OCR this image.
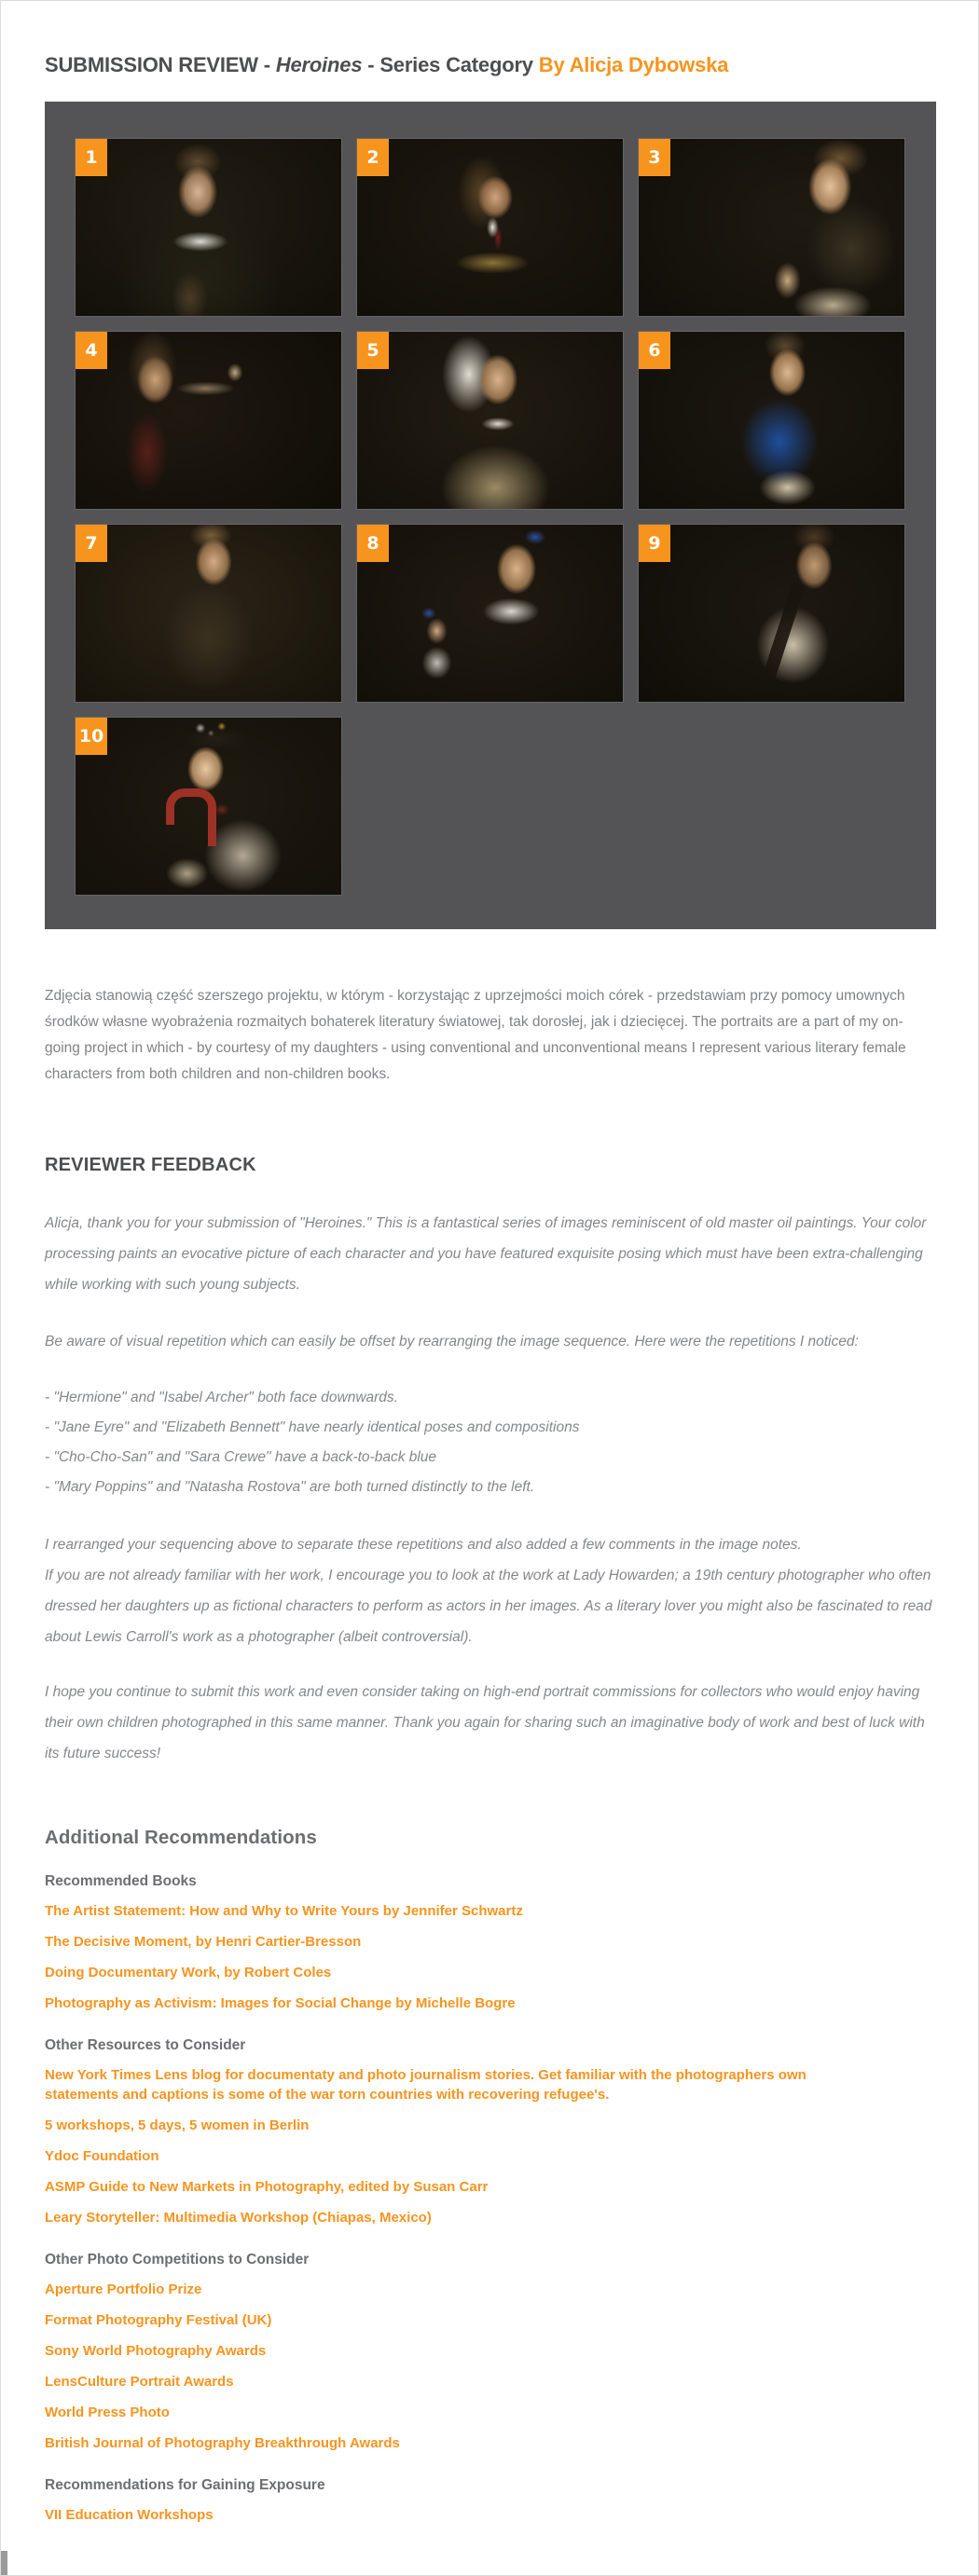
SUBMISSION REVIEW - Heroines - Series Category By Alicja Dybowska
1	2	3
4	5	6
7	8	9
10

Zdjęcia stanowią część szerszego projektu, w którym - korzystając z uprzejmości moich córek - przedstawiam przy pomocy umownych środków własne wyobrażenia rozmaitych bohaterek literatury światowej, tak dorosłej, jak i dziecięcej. The portraits are a part of my on-going project in which - by courtesy of my daughters - using conventional and unconventional means I represent various literary female characters from both children and non-children books.

REVIEWER FEEDBACK

Alicja, thank you for your submission of "Heroines." This is a fantastical series of images reminiscent of old master oil paintings. Your color processing paints an evocative picture of each character and you have featured exquisite posing which must have been extra-challenging while working with such young subjects.

Be aware of visual repetition which can easily be offset by rearranging the image sequence. Here were the repetitions I noticed:

- "Hermione" and "Isabel Archer" both face downwards.

- "Jane Eyre" and "Elizabeth Bennett" have nearly identical poses and compositions

- "Cho-Cho-San" and "Sara Crewe" have a back-to-back blue

- "Mary Poppins" and "Natasha Rostova" are both turned distinctly to the left.

I rearranged your sequencing above to separate these repetitions and also added a few comments in the image notes.

If you are not already familiar with her work, I encourage you to look at the work at Lady Howarden; a 19th century photographer who often dressed her daughters up as fictional characters to perform as actors in her images. As a literary lover you might also be fascinated to read about Lewis Carroll's work as a photographer (albeit controversial).

I hope you continue to submit this work and even consider taking on high-end portrait commissions for collectors who would enjoy having their own children photographed in this same manner. Thank you again for sharing such an imaginative body of work and best of luck with its future success!

Additional Recommendations
Recommended Books

The Artist Statement: How and Why to Write Yours by Jennifer Schwartz

The Decisive Moment, by Henri Cartier-Bresson

Doing Documentary Work, by Robert Coles

Photography as Activism: Images for Social Change by Michelle Bogre

Other Resources to Consider

New York Times Lens blog for documentaty and photo journalism stories. Get familiar with the photographers own statements and captions is some of the war torn countries with recovering refugee's.

5 workshops, 5 days, 5 women in Berlin

Ydoc Foundation

ASMP Guide to New Markets in Photography, edited by Susan Carr

Leary Storyteller: Multimedia Workshop (Chiapas, Mexico)

Other Photo Competitions to Consider

Aperture Portfolio Prize

Format Photography Festival (UK)

Sony World Photography Awards

LensCulture Portrait Awards

World Press Photo

British Journal of Photography Breakthrough Awards

Recommendations for Gaining Exposure

VII Education Workshops
